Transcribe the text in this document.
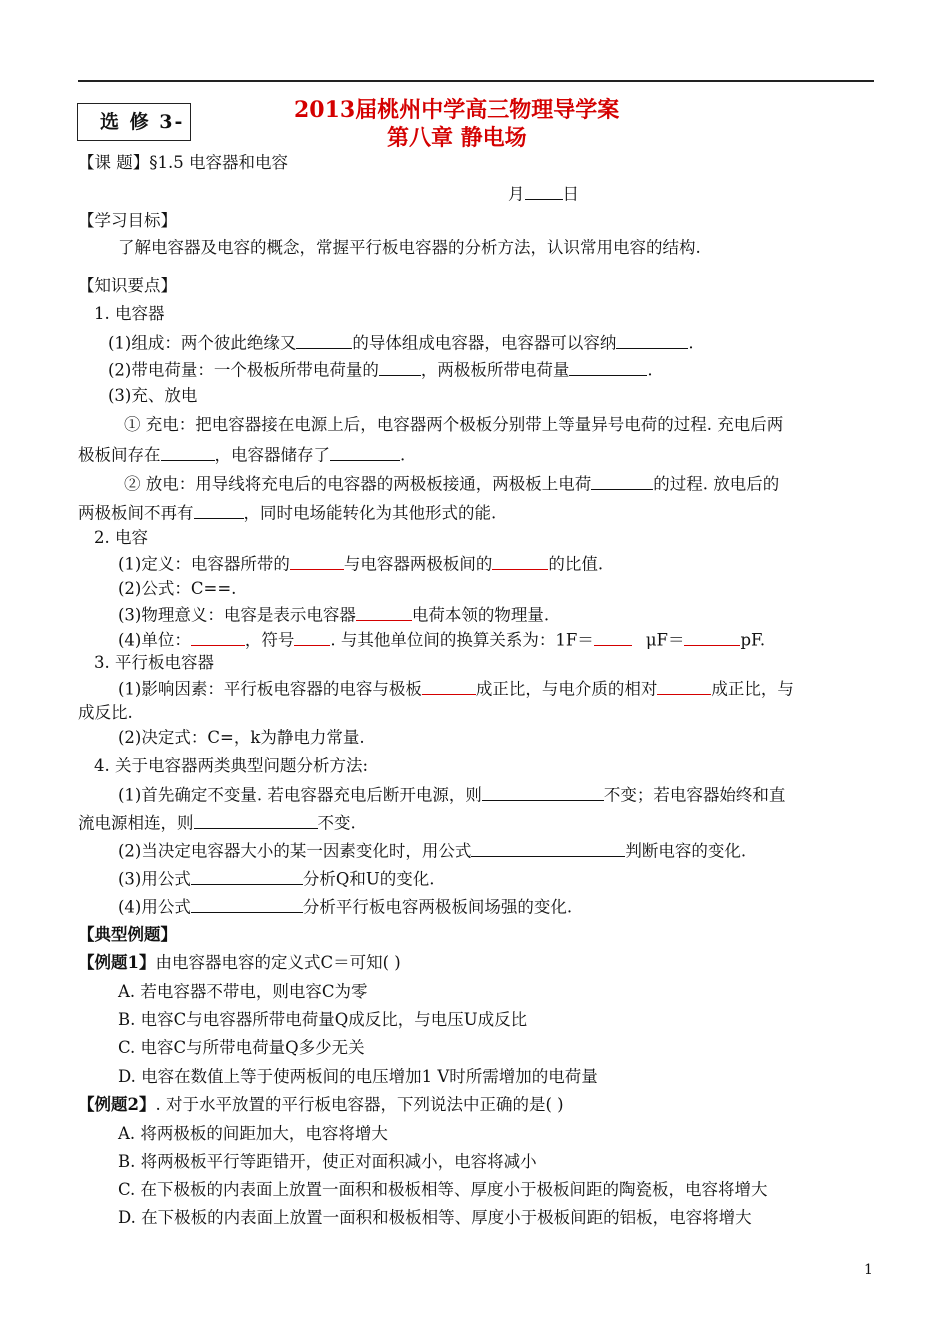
选 修 3-	2013届桃州中学高三物理导学案
第八章 静电场
【课 题】§1.5 电容器和电容
月 日
【学习目标】
了解电容器及电容的概念，常握平行板电容器的分析方法，认识常用电容的结构.
【知识要点】
1. 电容器
(1)组成：两个彼此绝缘又	的导体组成电容器，电容器可以容纳	.
(2)带电荷量：一个极板所带电荷量的	，两极板所带电荷量	.
(3)充、放电
① 充电：把电容器接在电源上后，电容器两个极板分别带上等量异号电荷的过程. 充电后两
极板间存在	，电容器储存了	.
② 放电：用导线将充电后的电容器的两极板接通，两极板上电荷	的过程. 放电后的
两极板间不再有	，同时电场能转化为其他形式的能.
2. 电容
(1)定义：电容器所带的	与电容器两极板间的	的比值.
(2)公式：C==.
(3)物理意义：电容是表示电容器	电荷本领的物理量.
(4)单位：	，符号 . 与其他单位间的换算关系为：1F＝	μF＝	pF.
3. 平行板电容器
(1)影响因素：平行板电容器的电容与极板	成正比，与电介质的相对	成正比，与
成反比.
(2)决定式：C=，k为静电力常量.
4. 关于电容器两类典型问题分析方法:
(1)首先确定不变量. 若电容器充电后断开电源，则	不变；若电容器始终和直
流电源相连，则	不变.
(2)当决定电容器大小的某一因素变化时，用公式	判断电容的变化.
(3)用公式	分析Q和U的变化.
(4)用公式	分析平行板电容两极板间场强的变化.
【典型例题】
【例题1】由电容器电容的定义式C＝可知( )
A. 若电容器不带电，则电容C为零
B. 电容C与电容器所带电荷量Q成反比，与电压U成反比
C. 电容C与所带电荷量Q多少无关
D. 电容在数值上等于使两板间的电压增加1 V时所需增加的电荷量
【例题2】. 对于水平放置的平行板电容器，下列说法中正确的是( )
A. 将两极板的间距加大，电容将增大
B. 将两极板平行等距错开，使正对面积减小，电容将减小
C. 在下极板的内表面上放置一面积和极板相等、厚度小于极板间距的陶瓷板，电容将增大
D. 在下极板的内表面上放置一面积和极板相等、厚度小于极板间距的铝板，电容将增大
1
